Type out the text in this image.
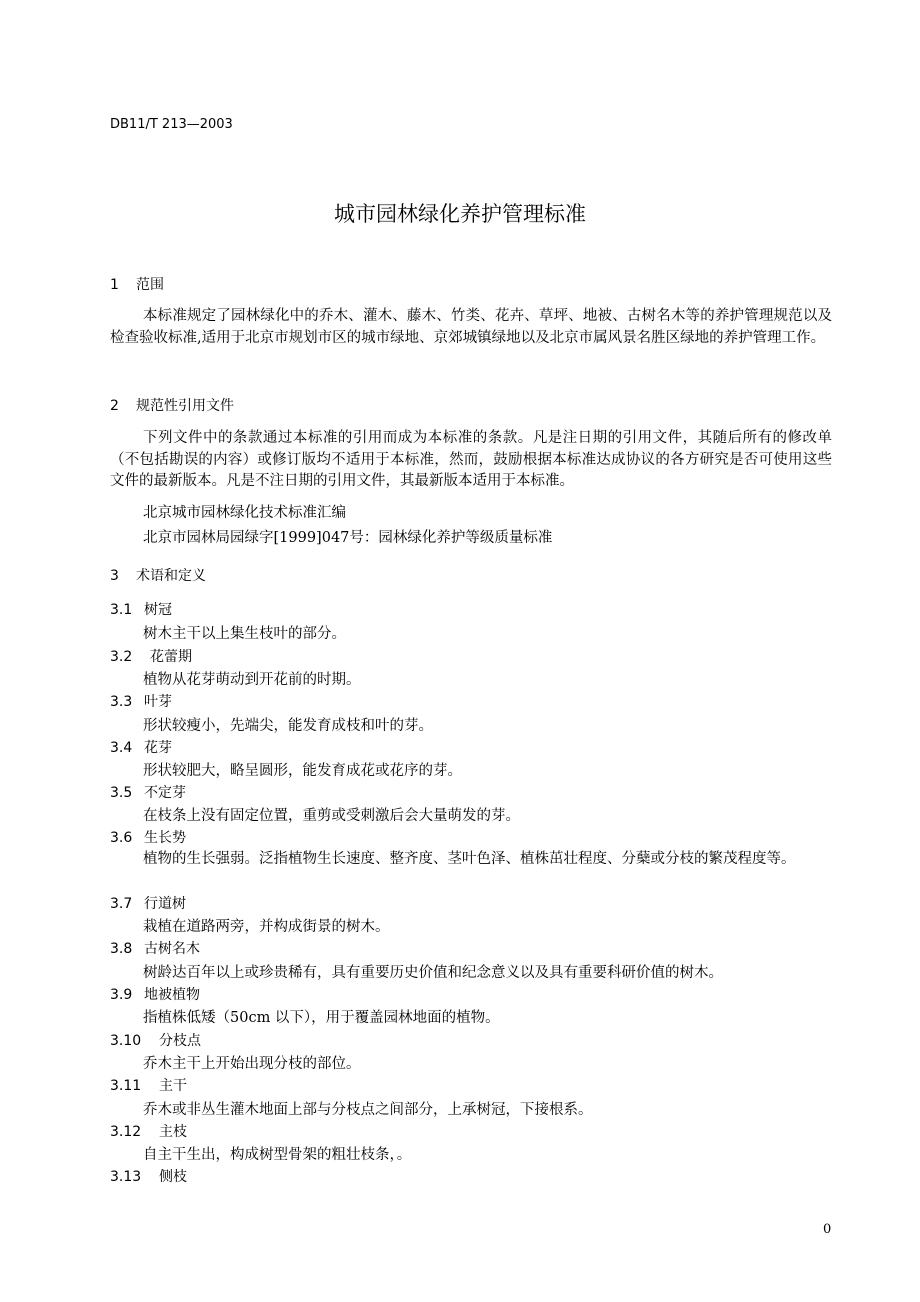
DB11/T 213—2003
城市园林绿化养护管理标准
1 范围
本标准规定了园林绿化中的乔木、灌木、藤木、竹类、花卉、草坪、地被、古树名木等的养护管理规范以及检查验收标准,适用于北京市规划市区的城市绿地、京郊城镇绿地以及北京市属风景名胜区绿地的养护管理工作。
2 规范性引用文件
下列文件中的条款通过本标准的引用而成为本标准的条款。凡是注日期的引用文件，其随后所有的修改单（不包括勘误的内容）或修订版均不适用于本标准，然而，鼓励根据本标准达成协议的各方研究是否可使用这些文件的最新版本。凡是不注日期的引用文件，其最新版本适用于本标准。
北京城市园林绿化技术标准汇编
北京市园林局园绿字[1999]047号：园林绿化养护等级质量标准
3 术语和定义
3.1 树冠
树木主干以上集生枝叶的部分。
3.2 花蕾期
植物从花芽萌动到开花前的时期。
3.3 叶芽
形状较瘦小，先端尖，能发育成枝和叶的芽。
3.4 花芽
形状较肥大，略呈圆形，能发育成花或花序的芽。
3.5 不定芽
在枝条上没有固定位置，重剪或受刺激后会大量萌发的芽。
3.6 生长势
植物的生长强弱。泛指植物生长速度、整齐度、茎叶色泽、植株茁壮程度、分蘖或分枝的繁茂程度等。
3.7 行道树
栽植在道路两旁，并构成街景的树木。
3.8 古树名木
树龄达百年以上或珍贵稀有，具有重要历史价值和纪念意义以及具有重要科研价值的树木。
3.9 地被植物
指植株低矮（50cm 以下），用于覆盖园林地面的植物。
3.10 分枝点
乔木主干上开始出现分枝的部位。
3.11 主干
乔木或非丛生灌木地面上部与分枝点之间部分，上承树冠，下接根系。
3.12 主枝
自主干生出，构成树型骨架的粗壮枝条，。
3.13 侧枝
0
